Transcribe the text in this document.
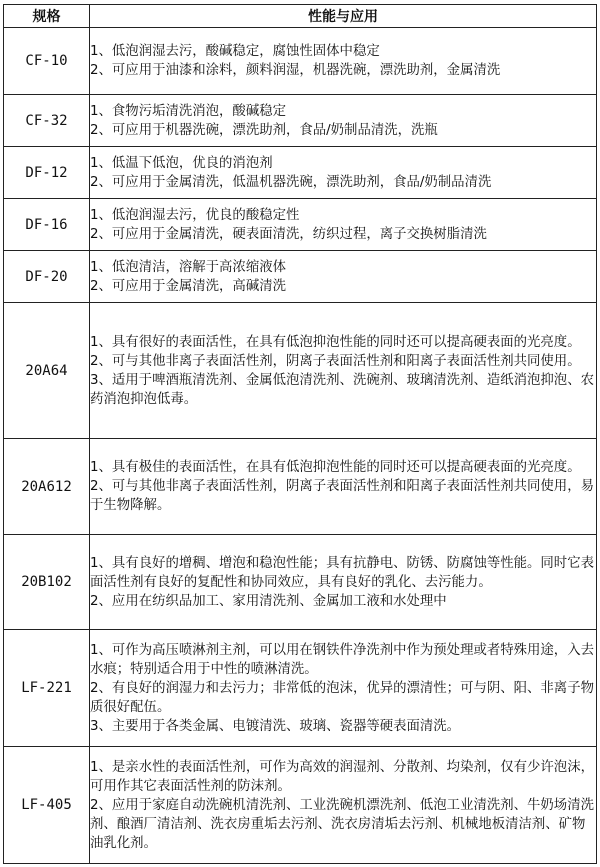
规格	性能与应用
CF-10	1、低泡润湿去污，酸碱稳定，腐蚀性固体中稳定
2、可应用于油漆和涂料，颜料润湿，机器洗碗，漂洗助剂，金属清洗

CF-32	1、食物污垢清洗消泡，酸碱稳定
2、可应用于机器洗碗，漂洗助剂，食品/奶制品清洗，洗瓶

DF-12	1、低温下低泡，优良的消泡剂
2、可应用于金属清洗，低温机器洗碗，漂洗助剂，食品/奶制品清洗

DF-16	1、低泡润湿去污，优良的酸稳定性
2、可应用于金属清洗，硬表面清洗，纺织过程，离子交换树脂清洗

DF-20	1、低泡清洁，溶解于高浓缩液体
2、可应用于金属清洗，高碱清洗

20A64	1、具有很好的表面活性，在具有低泡抑泡性能的同时还可以提高硬表面的光亮度。
2、可与其他非离子表面活性剂，阴离子表面活性剂和阳离子表面活性剂共同使用。
3、适用于啤酒瓶清洗剂、金属低泡清洗剂、洗碗剂、玻璃清洗剂、造纸消泡抑泡、农药消泡抑泡低毒。

20A612	1、具有极佳的表面活性，在具有低泡抑泡性能的同时还可以提高硬表面的光亮度。
2、可与其他非离子表面活性剂，阴离子表面活性剂和阳离子表面活性剂共同使用，易于生物降解。

20B102	1、具有良好的增稠、增泡和稳泡性能；具有抗静电、防锈、防腐蚀等性能。同时它表面活性剂有良好的复配性和协同效应，具有良好的乳化、去污能力。
2、应用在纺织品加工、家用清洗剂、金属加工液和水处理中

LF-221	1、可作为高压喷淋剂主剂，可以用在钢铁件净洗剂中作为预处理或者特殊用途，入去水痕；特别适合用于中性的喷淋清洗。
2、有良好的润湿力和去污力；非常低的泡沫，优异的漂清性；可与阴、阳、非离子物质很好配伍。
3、主要用于各类金属、电镀清洗、玻璃、瓷器等硬表面清洗。

LF-405	1、是亲水性的表面活性剂，可作为高效的润湿剂、分散剂、均染剂，仅有少许泡沫，可用作其它表面活性剂的防沫剂。
2、应用于家庭自动洗碗机清洗剂、工业洗碗机漂洗剂、低泡工业清洗剂、牛奶场清洗剂、酿酒厂清洁剂、洗衣房重垢去污剂、洗衣房清垢去污剂、机械地板清洁剂、矿物油乳化剂。
